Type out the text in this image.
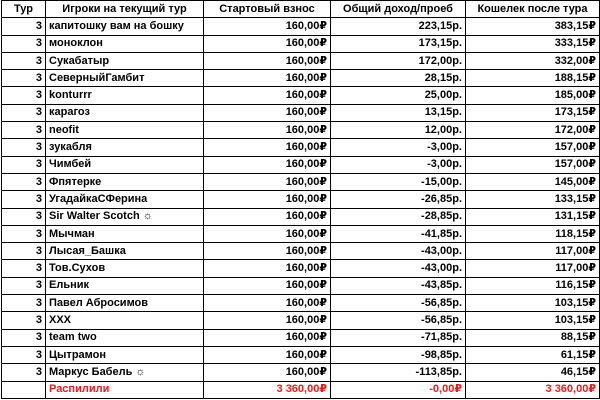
Тур	Игроки на текущий тур	Стартовый взнос	Общий доход/проеб	Кошелек после тура
3	капитошку вам на бошку	160,00₽	223,15р.	383,15₽
3	моноклон	160,00₽	173,15р.	333,15₽
3	Сукабатыр	160,00₽	172,00р.	332,00₽
3	СеверныйГамбит	160,00₽	28,15р.	188,15₽
3	konturrr	160,00₽	25,00р.	185,00₽
3	карагоз	160,00₽	13,15р.	173,15₽
3	neofit	160,00₽	12,00р.	172,00₽
3	зукабля	160,00₽	-3,00р.	157,00₽
3	Чимбей	160,00₽	-3,00р.	157,00₽
3	Фпятерке	160,00₽	-15,00р.	145,00₽
3	УгадайкаСФерина	160,00₽	-26,85р.	133,15₽
3	Sir Walter Scotch ☼	160,00₽	-28,85р.	131,15₽
3	Мычман	160,00₽	-41,85р.	118,15₽
3	Лысая_Башка	160,00₽	-43,00р.	117,00₽
3	Тов.Сухов	160,00₽	-43,00р.	117,00₽
3	Ельник	160,00₽	-43,85р.	116,15₽
3	Павел Абросимов	160,00₽	-56,85р.	103,15₽
3	XXX	160,00₽	-56,85р.	103,15₽
3	team two	160,00₽	-71,85р.	88,15₽
3	Цытрамон	160,00₽	-98,85р.	61,15₽
3	Маркус Бабель ☼	160,00₽	-113,85р.	46,15₽
	Распилили	3 360,00₽	-0,00₽	3 360,00₽
